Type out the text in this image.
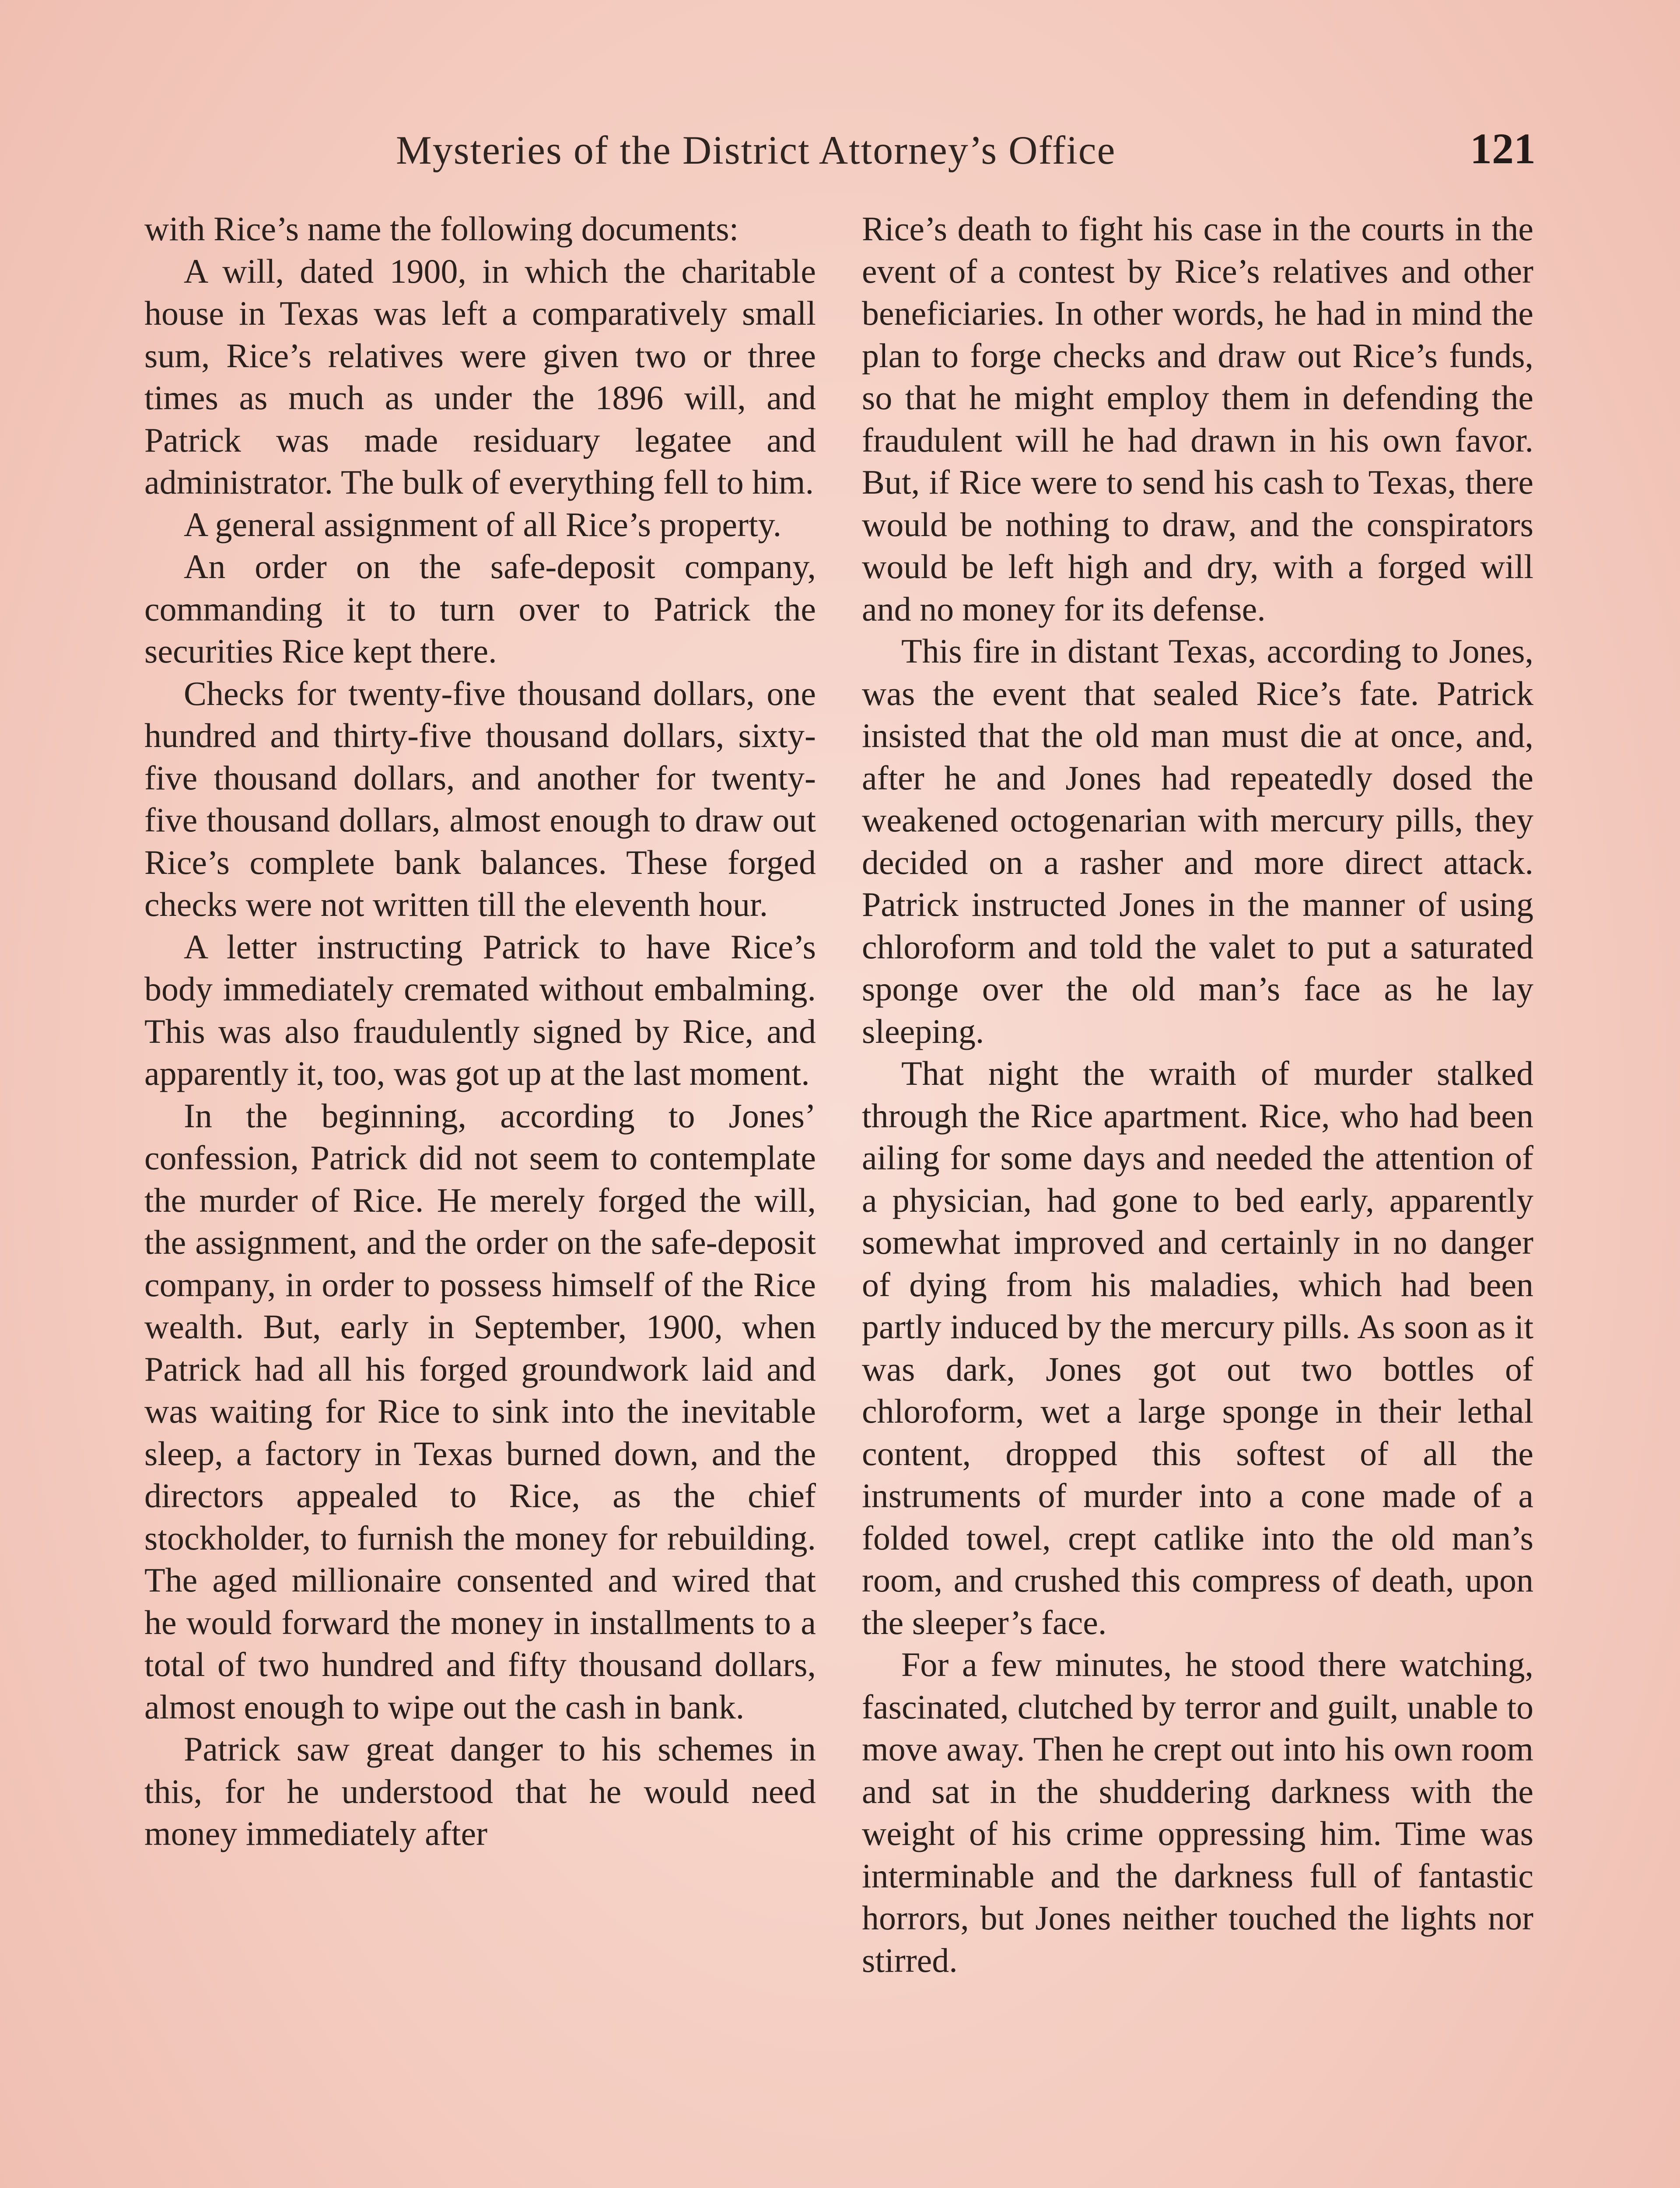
Mysteries of the District Attorney’s Office	121

with Rice’s name the following documents:

A will, dated 1900, in which the charitable house in Texas was left a comparatively small sum, Rice’s relatives were given two or three times as much as under the 1896 will, and Patrick was made residuary legatee and administrator. The bulk of everything fell to him.

A general assignment of all Rice’s property.

An order on the safe-deposit company, commanding it to turn over to Patrick the securities Rice kept there.

Checks for twenty-five thousand dollars, one hundred and thirty-five thousand dollars, sixty-five thousand dollars, and another for twenty-five thousand dollars, almost enough to draw out Rice’s complete bank balances. These forged checks were not written till the eleventh hour.

A letter instructing Patrick to have Rice’s body immediately cremated without embalming. This was also fraudulently signed by Rice, and apparently it, too, was got up at the last moment.

In the beginning, according to Jones’ confession, Patrick did not seem to contemplate the murder of Rice. He merely forged the will, the assignment, and the order on the safe-deposit company, in order to possess himself of the Rice wealth. But, early in September, 1900, when Patrick had all his forged groundwork laid and was waiting for Rice to sink into the inevitable sleep, a factory in Texas burned down, and the directors appealed to Rice, as the chief stockholder, to furnish the money for rebuilding. The aged millionaire consented and wired that he would forward the money in installments to a total of two hundred and fifty thousand dollars, almost enough to wipe out the cash in bank.

Patrick saw great danger to his schemes in this, for he understood that he would need money immediately after

Rice’s death to fight his case in the courts in the event of a contest by Rice’s relatives and other beneficiaries. In other words, he had in mind the plan to forge checks and draw out Rice’s funds, so that he might employ them in defending the fraudulent will he had drawn in his own favor. But, if Rice were to send his cash to Texas, there would be nothing to draw, and the conspirators would be left high and dry, with a forged will and no money for its defense.

This fire in distant Texas, according to Jones, was the event that sealed Rice’s fate. Patrick insisted that the old man must die at once, and, after he and Jones had repeatedly dosed the weakened octogenarian with mercury pills, they decided on a rasher and more direct attack. Patrick instructed Jones in the manner of using chloroform and told the valet to put a saturated sponge over the old man’s face as he lay sleeping.

That night the wraith of murder stalked through the Rice apartment. Rice, who had been ailing for some days and needed the attention of a physician, had gone to bed early, apparently somewhat improved and certainly in no danger of dying from his maladies, which had been partly induced by the mercury pills. As soon as it was dark, Jones got out two bottles of chloroform, wet a large sponge in their lethal content, dropped this softest of all the instruments of murder into a cone made of a folded towel, crept catlike into the old man’s room, and crushed this compress of death, upon the sleeper’s face.

For a few minutes, he stood there watching, fascinated, clutched by terror and guilt, unable to move away. Then he crept out into his own room and sat in the shuddering darkness with the weight of his crime oppressing him. Time was interminable and the darkness full of fantastic horrors, but Jones neither touched the lights nor stirred.
